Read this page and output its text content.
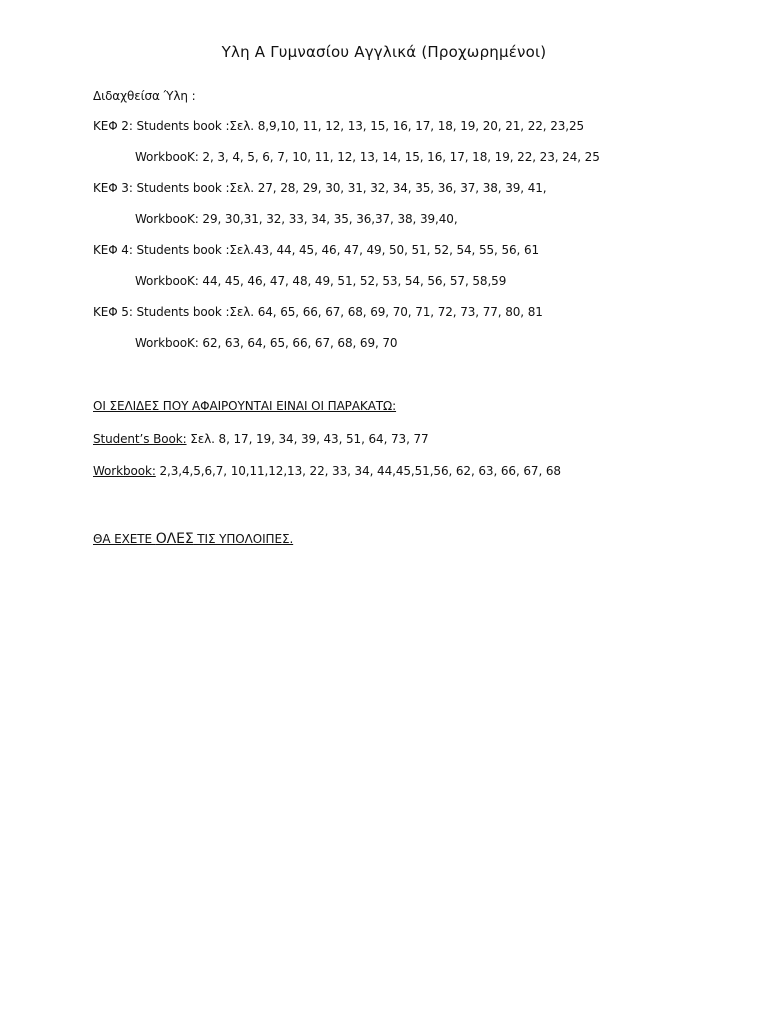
Υλη Α Γυμνασίου Αγγλικά (Προχωρημένοι)
Διδαχθείσα Ύλη :
ΚΕΦ 2: Students book :Σελ. 8,9,10, 11, 12, 13, 15, 16, 17, 18, 19, 20, 21, 22, 23,25
WorkbooK: 2, 3, 4, 5, 6, 7, 10, 11, 12, 13, 14, 15, 16, 17, 18, 19, 22, 23, 24, 25
ΚΕΦ 3: Students book :Σελ. 27, 28, 29, 30, 31, 32, 34, 35, 36, 37, 38, 39, 41,
WorkbooK: 29, 30,31, 32, 33, 34, 35, 36,37, 38, 39,40,
ΚΕΦ 4: Students book :Σελ.43, 44, 45, 46, 47, 49, 50, 51, 52, 54, 55, 56, 61
WorkbooK: 44, 45, 46, 47, 48, 49, 51, 52, 53, 54, 56, 57, 58,59
ΚΕΦ 5: Students book :Σελ. 64, 65, 66, 67, 68, 69, 70, 71, 72, 73, 77, 80, 81
WorkbooK: 62, 63, 64, 65, 66, 67, 68, 69, 70
ΟΙ ΣΕΛΙΔΕΣ ΠΟΥ ΑΦΑΙΡΟΥΝΤΑΙ ΕΙΝΑΙ ΟΙ ΠΑΡΑΚΑΤΩ:
Student’s Book: Σελ. 8, 17, 19, 34, 39, 43, 51, 64, 73, 77
Workbook: 2,3,4,5,6,7, 10,11,12,13, 22, 33, 34, 44,45,51,56, 62, 63, 66, 67, 68
ΘΑ ΕΧΕΤΕ ΟΛΕΣ ΤΙΣ ΥΠΟΛΟΙΠΕΣ.
